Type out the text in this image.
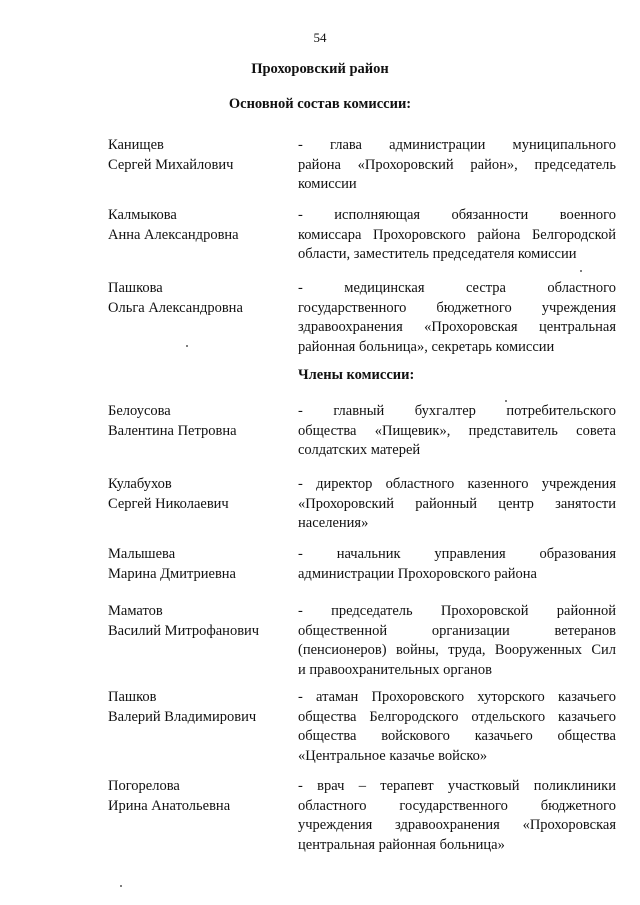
54
Прохоровский район
Основной состав комиссии:
Члены комиссии:
Канищев
Сергей Михайлович
- глава администрации муниципального
района «Прохоровский район», председатель
комиссии
Калмыкова
Анна Александровна
- исполняющая обязанности военного
комиссара Прохоровского района Белгородской
области, заместитель председателя комиссии
Пашкова
Ольга Александровна
- медицинская сестра областного
государственного бюджетного учреждения
здравоохранения «Прохоровская центральная
районная больница», секретарь комиссии
Белоусова
Валентина Петровна
- главный бухгалтер потребительского
общества «Пищевик», представитель совета
солдатских матерей
Кулабухов
Сергей Николаевич
- директор областного казенного учреждения
«Прохоровский районный центр занятости
населения»
Малышева
Марина Дмитриевна
- начальник управления образования
администрации Прохоровского района
Маматов
Василий Митрофанович
- председатель Прохоровской районной
общественной организации ветеранов
(пенсионеров) войны, труда, Вооруженных Сил
и правоохранительных органов
Пашков
Валерий Владимирович
- атаман Прохоровского хуторского казачьего
общества Белгородского отдельского казачьего
общества войскового казачьего общества
«Центральное казачье войско»
Погорелова
Ирина Анатольевна
- врач – терапевт участковый поликлиники
областного государственного бюджетного
учреждения здравоохранения «Прохоровская
центральная районная больница»
